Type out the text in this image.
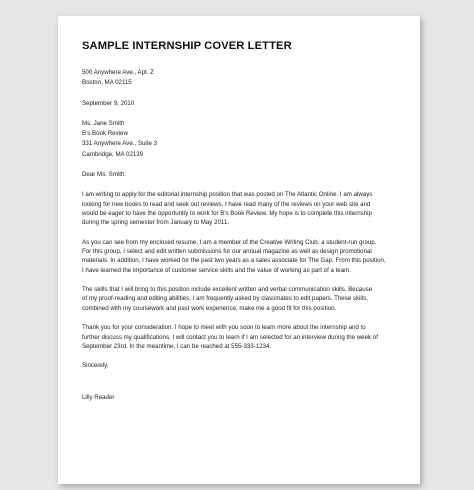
SAMPLE INTERNSHIP COVER LETTER
500 Anywhere Ave., Apt. Z
Boston, MA 02115
September 9, 2010
Ms. Jane Smith
B's Book Review
331 Anywhere Ave., Suite 3
Cambridge, MA 02139
Dear Ms. Smith:
I am writing to apply for the editorial internship position that was posted on The Atlantic Online. I am always
looking for new books to read and seek out reviews. I have read many of the reviews on your web site and
would be eager to have the opportunity to work for B's Book Review. My hope is to complete this internship
during the spring semester from January to May 2011.
As you can see from my enclosed resume, I am a member of the Creative Writing Club, a student-run group.
For this group, I select and edit written submissions for our annual magazine as well as design promotional
materials. In addition, I have worked for the past two years as a sales associate for The Gap. From this position,
I have learned the importance of customer service skills and the value of working as part of a team.
The skills that I will bring to this position include excellent written and verbal communication skills. Because
of my proof-reading and editing abilities, I am frequently asked by classmates to edit papers. These skills,
combined with my coursework and past work experience, make me a good fit for this position.
Thank you for your consideration. I hope to meet with you soon to learn more about the internship and to
further discuss my qualifications. I will contact you to learn if I am selected for an interview during the week of
September 23rd. In the meantime, I can be reached at 555-333-1234.
Sincerely,
Lilly Reader
